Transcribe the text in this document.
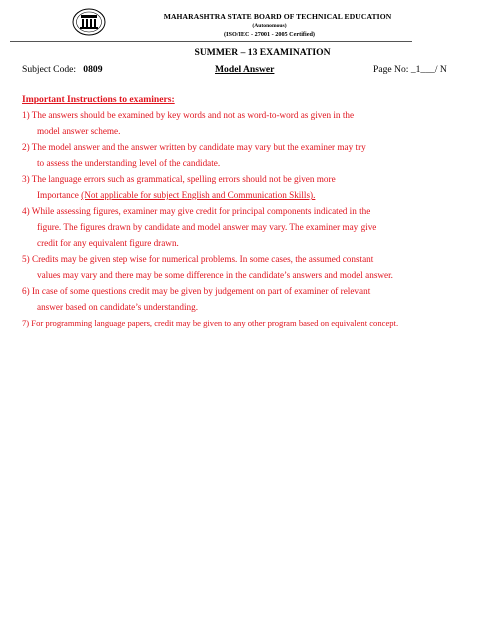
MAHARASHTRA STATE BOARD OF TECHNICAL EDUCATION
(Autonomous)
(ISO/IEC - 27001 - 2005 Certified)
SUMMER – 13 EXAMINATION
Subject Code: 0809	Model Answer	Page No: _1___/ N
Important Instructions to examiners:
1) The answers should be examined by key words and not as word-to-word as given in the
model answer scheme.
2) The model answer and the answer written by candidate may vary but the examiner may try
to assess the understanding level of the candidate.
3) The language errors such as grammatical, spelling errors should not be given more
Importance (Not applicable for subject English and Communication Skills).
4) While assessing figures, examiner may give credit for principal components indicated in the
figure. The figures drawn by candidate and model answer may vary. The examiner may give
credit for any equivalent figure drawn.
5) Credits may be given step wise for numerical problems. In some cases, the assumed constant
values may vary and there may be some difference in the candidate’s answers and model answer.
6) In case of some questions credit may be given by judgement on part of examiner of relevant
answer based on candidate’s understanding.
7) For programming language papers, credit may be given to any other program based on equivalent concept.
